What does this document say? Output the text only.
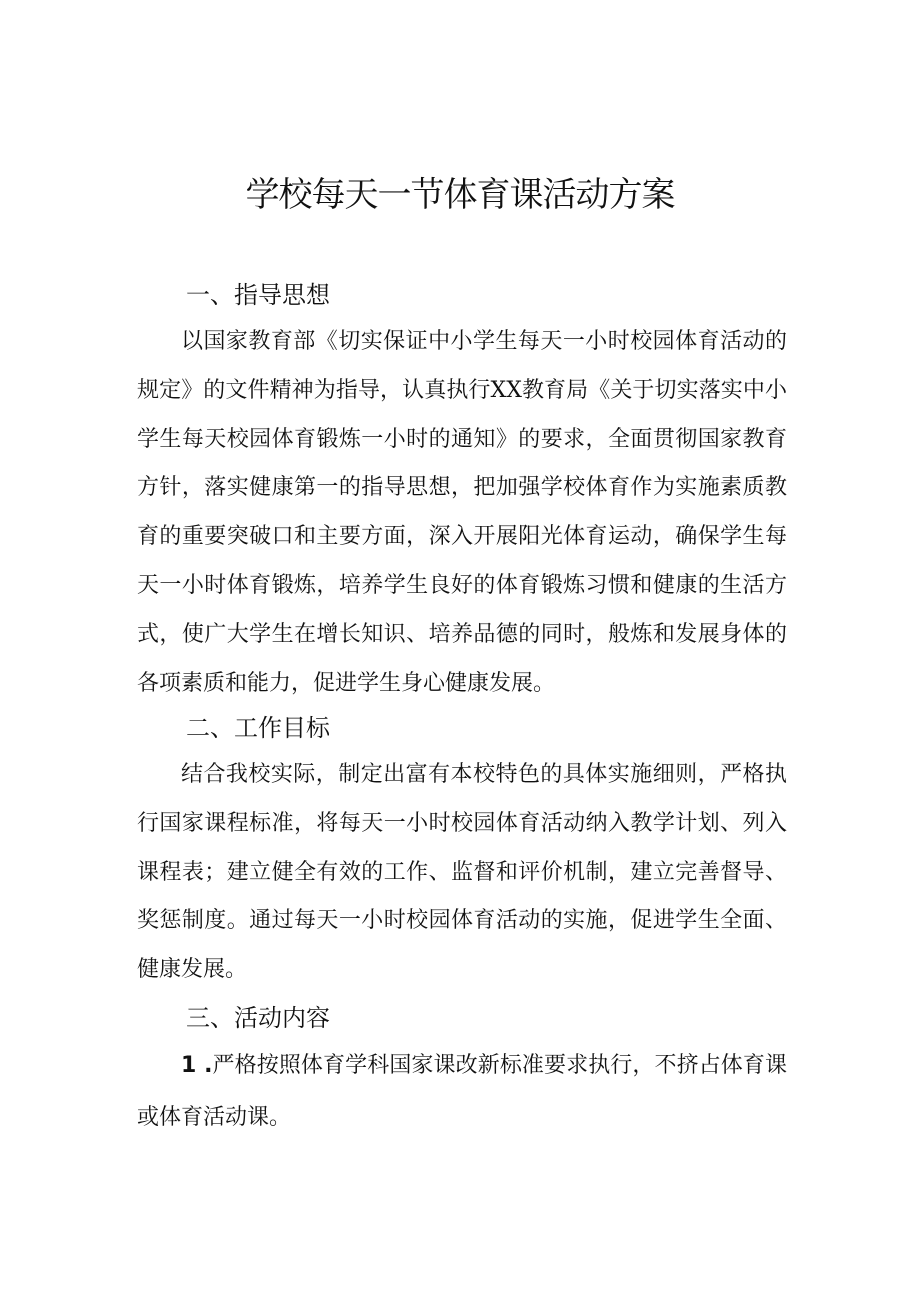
学校每天一节体育课活动方案
一、指导思想

以国家教育部《切实保证中小学生每天一小时校园体育活动的规定》的文件精神为指导，认真执行XX教育局《关于切实落实中小学生每天校园体育锻炼一小时的通知》的要求，全面贯彻国家教育方针，落实健康第一的指导思想，把加强学校体育作为实施素质教育的重要突破口和主要方面，深入开展阳光体育运动，确保学生每天一小时体育锻炼，培养学生良好的体育锻炼习惯和健康的生活方式，使广大学生在增长知识、培养品德的同时，般炼和发展身体的各项素质和能力，促进学生身心健康发展。

二、工作目标

结合我校实际，制定出富有本校特色的具体实施细则，严格执行国家课程标准，将每天一小时校园体育活动纳入教学计划、列入课程表；建立健全有效的工作、监督和评价机制，建立完善督导、奖惩制度。通过每天一小时校园体育活动的实施，促进学生全面、健康发展。

三、活动内容

1 .严格按照体育学科国家课改新标准要求执行，不挤占体育课或体育活动课。
